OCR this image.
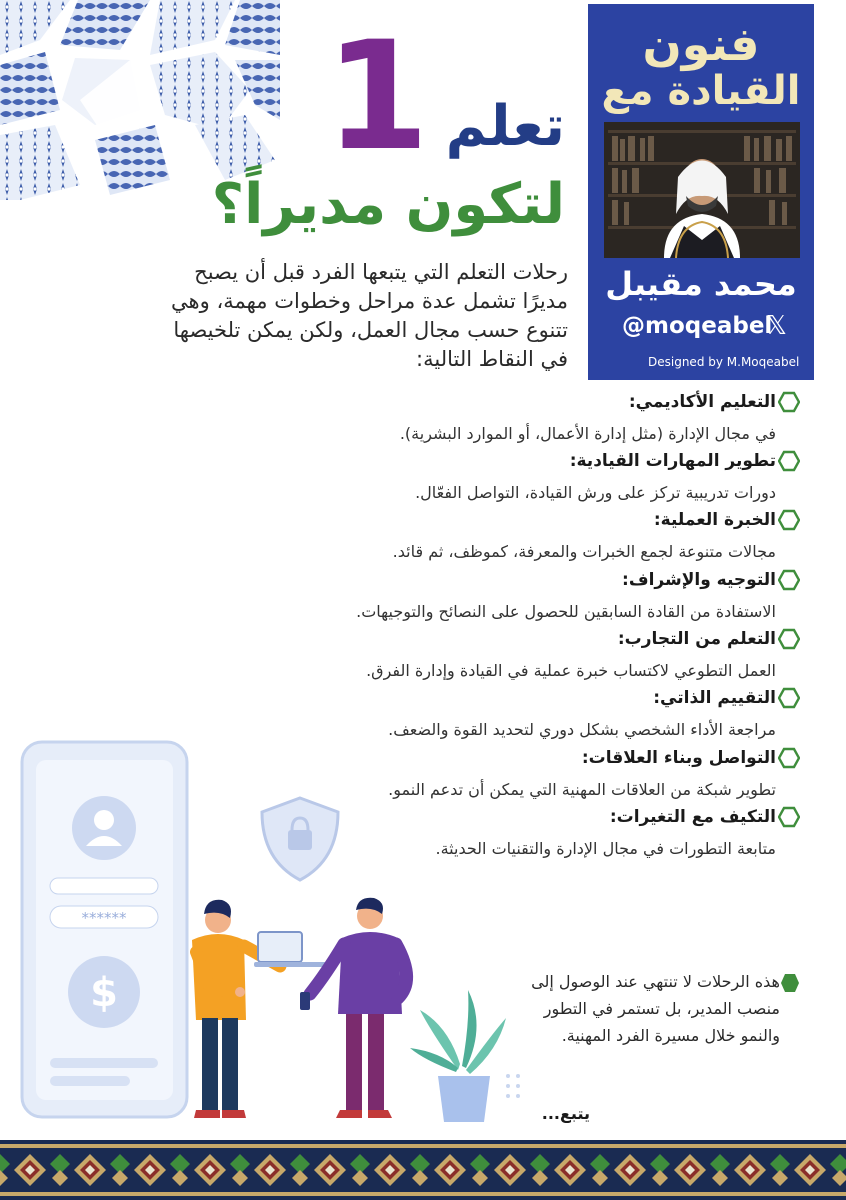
1 تعلم
لتكون مديراً؟
فنون
القيادة مع
محمد مقيبل
𝕏
@moqeabel
Designed by M.Moqeabel
رحلات التعلم التي يتبعها الفرد قبل أن يصبح مديرًا تشمل عدة مراحل وخطوات مهمة، وهي تتنوع حسب مجال العمل، ولكن يمكن تلخيصها في النقاط التالية:
التعليم الأكاديمي:
في مجال الإدارة (مثل إدارة الأعمال، أو الموارد البشرية).
تطوير المهارات القيادية:
دورات تدريبية تركز على ورش القيادة، التواصل الفعّال.
الخبرة العملية:
مجالات متنوعة لجمع الخبرات والمعرفة، كموظف، ثم قائد.
التوجيه والإشراف:
الاستفادة من القادة السابقين للحصول على النصائح والتوجيهات.
التعلم من التجارب:
العمل التطوعي لاكتساب خبرة عملية في القيادة وإدارة الفرق.
التقييم الذاتي:
مراجعة الأداء الشخصي بشكل دوري لتحديد القوة والضعف.
التواصل وبناء العلاقات:
تطوير شبكة من العلاقات المهنية التي يمكن أن تدعم النمو.
التكيف مع التغيرات:
متابعة التطورات في مجال الإدارة والتقنيات الحديثة.
******
$	هذه الرحلات لا تنتهي عند الوصول إلى منصب المدير، بل تستمر في التطور والنمو خلال مسيرة الفرد المهنية.
يتبع...
